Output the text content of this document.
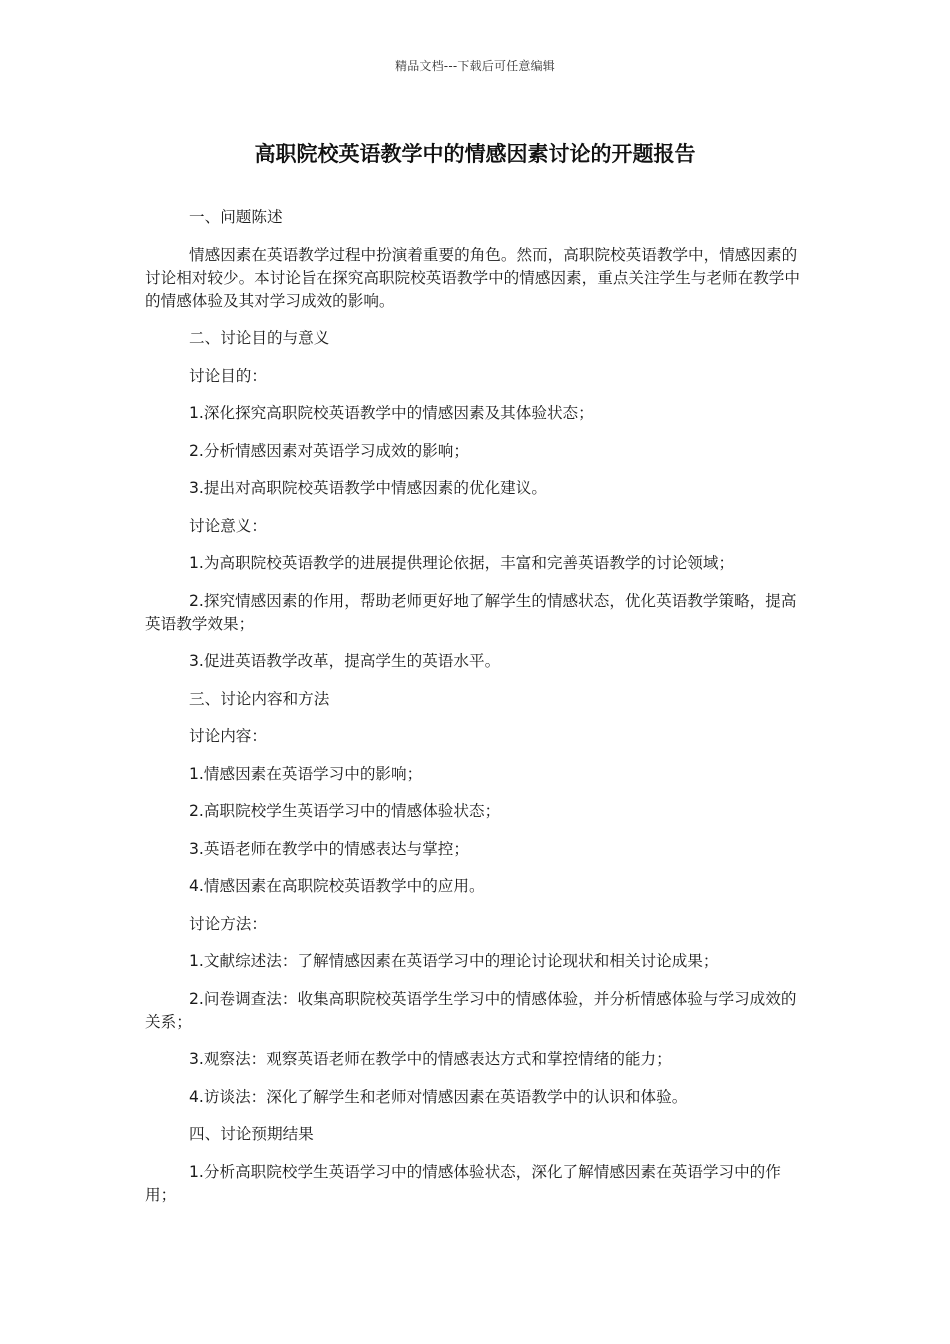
精品文档---下载后可任意编辑
高职院校英语教学中的情感因素讨论的开题报告

一、问题陈述

情感因素在英语教学过程中扮演着重要的角色。然而，高职院校英语教学中，情感因素的讨论相对较少。本讨论旨在探究高职院校英语教学中的情感因素，重点关注学生与老师在教学中的情感体验及其对学习成效的影响。

二、讨论目的与意义

讨论目的：

1.深化探究高职院校英语教学中的情感因素及其体验状态；

2.分析情感因素对英语学习成效的影响；

3.提出对高职院校英语教学中情感因素的优化建议。

讨论意义：

1.为高职院校英语教学的进展提供理论依据，丰富和完善英语教学的讨论领域；

2.探究情感因素的作用，帮助老师更好地了解学生的情感状态，优化英语教学策略，提高英语教学效果；

3.促进英语教学改革，提高学生的英语水平。

三、讨论内容和方法

讨论内容：

1.情感因素在英语学习中的影响；

2.高职院校学生英语学习中的情感体验状态；

3.英语老师在教学中的情感表达与掌控；

4.情感因素在高职院校英语教学中的应用。

讨论方法：

1.文献综述法：了解情感因素在英语学习中的理论讨论现状和相关讨论成果；

2.问卷调查法：收集高职院校英语学生学习中的情感体验，并分析情感体验与学习成效的关系；

3.观察法：观察英语老师在教学中的情感表达方式和掌控情绪的能力；

4.访谈法：深化了解学生和老师对情感因素在英语教学中的认识和体验。

四、讨论预期结果

1.分析高职院校学生英语学习中的情感体验状态，深化了解情感因素在英语学习中的作用；
